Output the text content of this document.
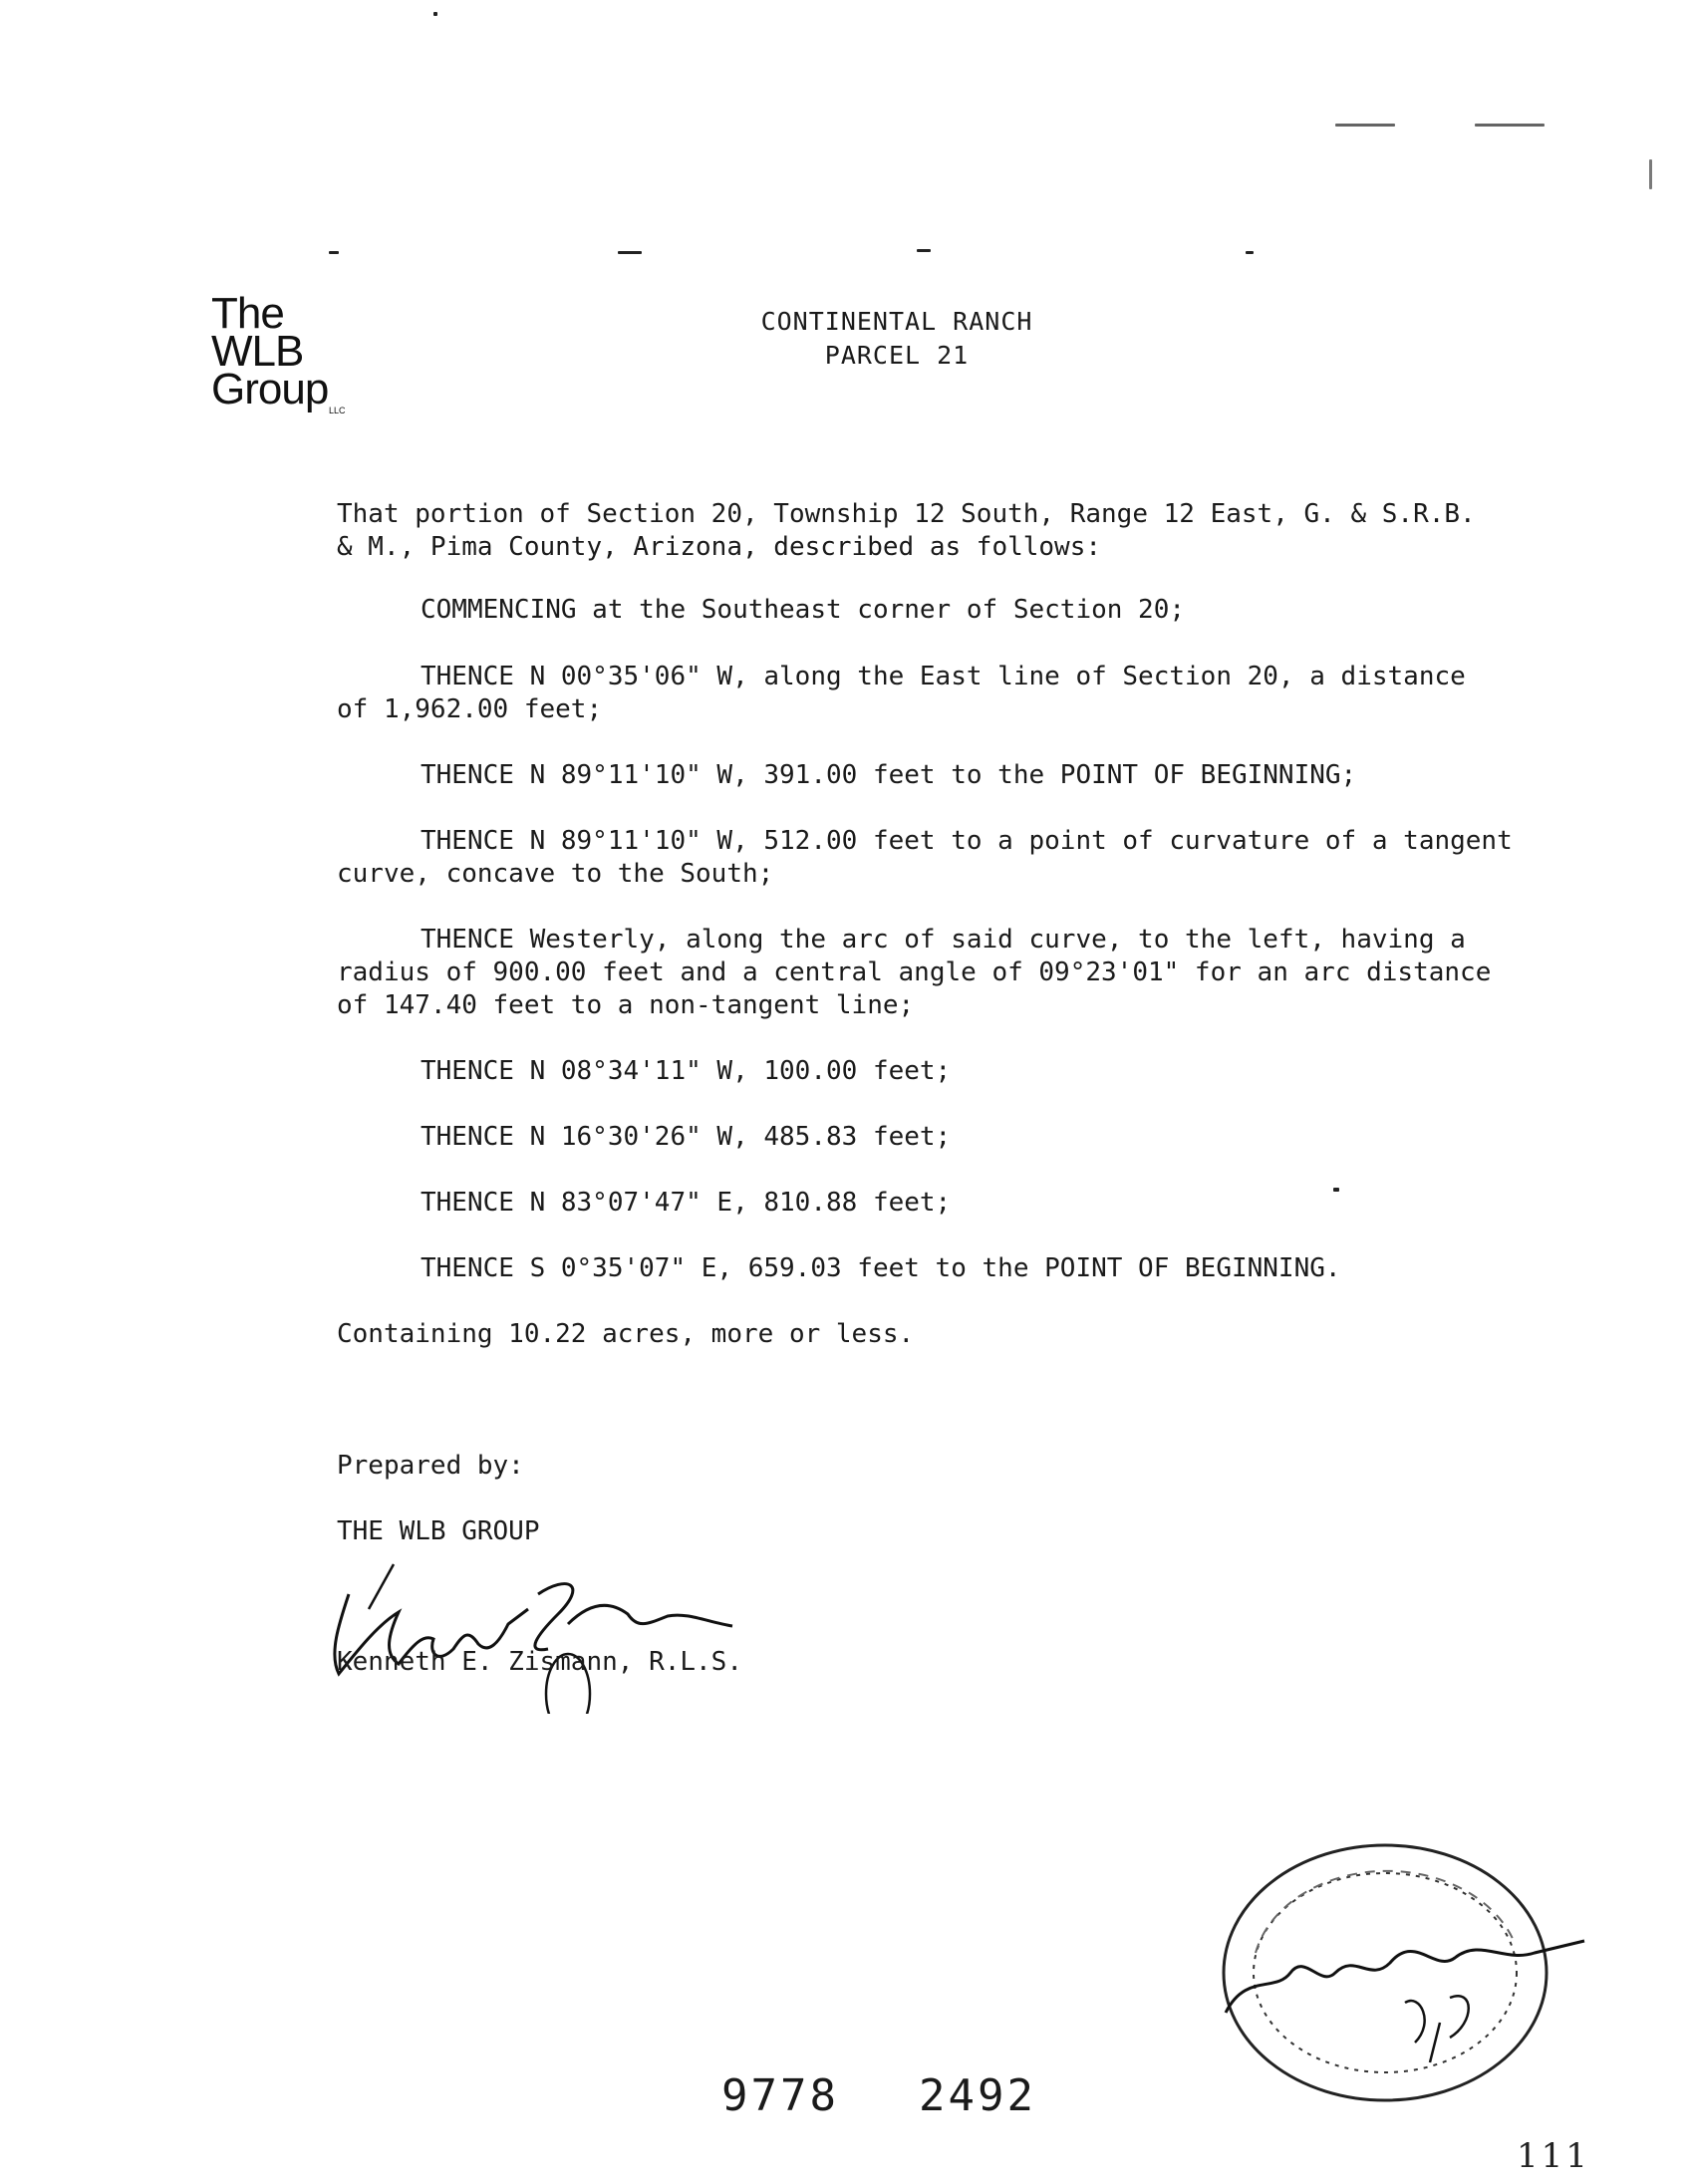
The
WLB
Group LLC
CONTINENTAL RANCH
PARCEL 21

That portion of Section 20, Township 12 South, Range 12 East, G. & S.R.B.
& M., Pima County, Arizona, described as follows:

COMMENCING at the Southeast corner of Section 20;

THENCE N 00°35'06" W, along the East line of Section 20, a distance
of 1,962.00 feet;

THENCE N 89°11'10" W, 391.00 feet to the POINT OF BEGINNING;

THENCE N 89°11'10" W, 512.00 feet to a point of curvature of a tangent
curve, concave to the South;

THENCE Westerly, along the arc of said curve, to the left, having a
radius of 900.00 feet and a central angle of 09°23'01" for an arc distance
of 147.40 feet to a non-tangent line;

THENCE N 08°34'11" W, 100.00 feet;

THENCE N 16°30'26" W, 485.83 feet;

THENCE N 83°07'47" E, 810.88 feet;

THENCE S 0°35'07" E, 659.03 feet to the POINT OF BEGINNING.

Containing 10.22 acres, more or less.

Prepared by:

THE WLB GROUP

Kenneth E. Zismann, R.L.S.

9778 2492
111
